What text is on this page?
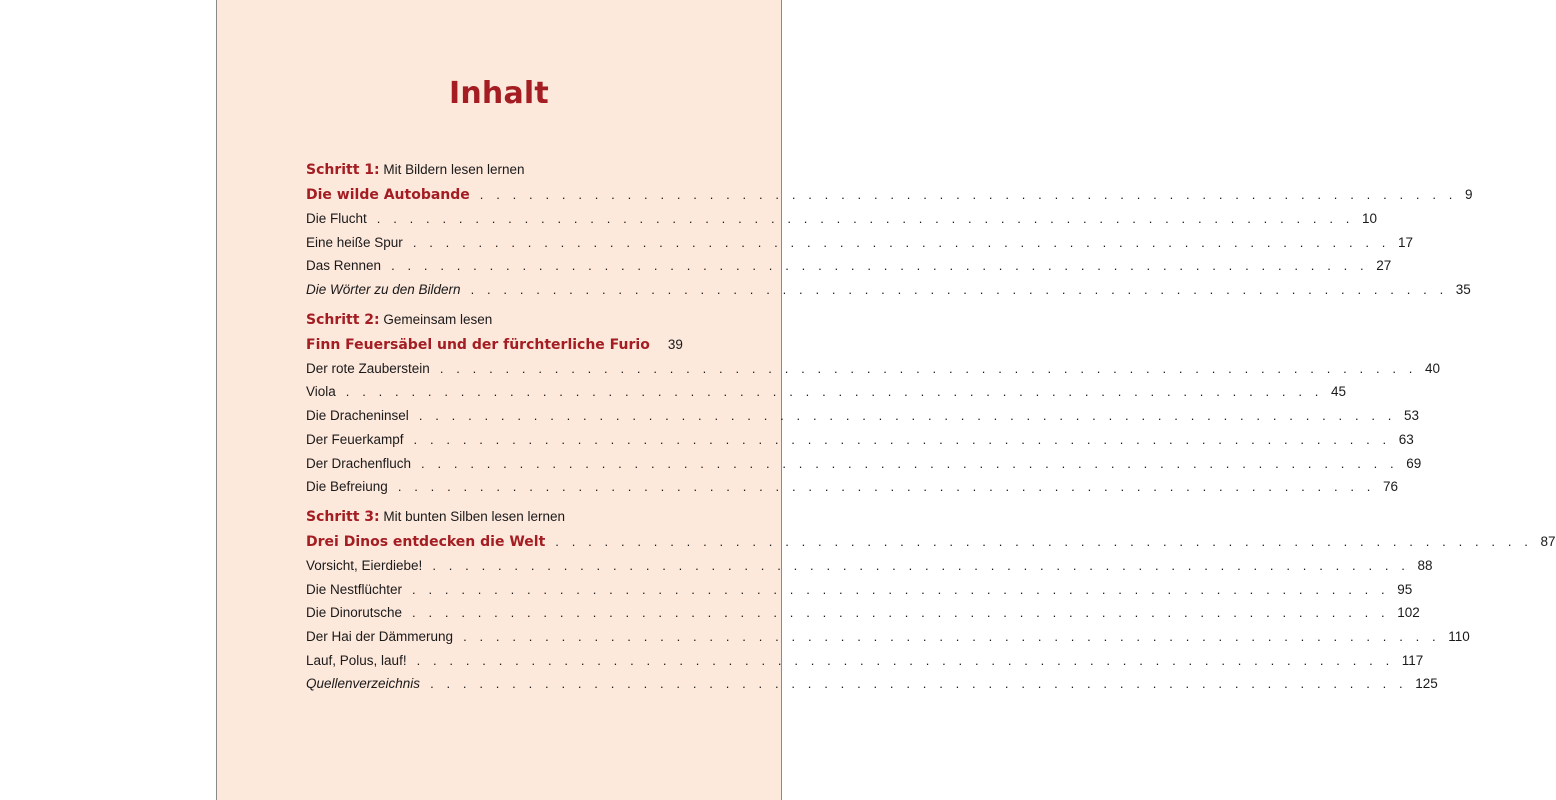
Inhalt
Schritt 1: Mit Bildern lesen lernen
Die wilde Autobande . . . . . . . . . . . . . . . . . . . . . . . . . . . . . . . . . . . . . . . . . . . . . . . . . . . . . . . . . . . . 9
Die Flucht . . . . . . . . . . . . . . . . . . . . . . . . . . . . . . . . . . . . . . . . . . . . . . . . . . . . . . . . . . . . 10
Eine heiße Spur . . . . . . . . . . . . . . . . . . . . . . . . . . . . . . . . . . . . . . . . . . . . . . . . . . . . . . . . . . . . 17
Das Rennen . . . . . . . . . . . . . . . . . . . . . . . . . . . . . . . . . . . . . . . . . . . . . . . . . . . . . . . . . . . . 27
Die Wörter zu den Bildern . . . . . . . . . . . . . . . . . . . . . . . . . . . . . . . . . . . . . . . . . . . . . . . . . . . . . . . . . . . . 35
Schritt 2: Gemeinsam lesen
Finn Feuersäbel und der fürchterliche Furio 39
Der rote Zauberstein . . . . . . . . . . . . . . . . . . . . . . . . . . . . . . . . . . . . . . . . . . . . . . . . . . . . . . . . . . . . 40
Viola . . . . . . . . . . . . . . . . . . . . . . . . . . . . . . . . . . . . . . . . . . . . . . . . . . . . . . . . . . . . 45
Die Dracheninsel . . . . . . . . . . . . . . . . . . . . . . . . . . . . . . . . . . . . . . . . . . . . . . . . . . . . . . . . . . . . 53
Der Feuerkampf . . . . . . . . . . . . . . . . . . . . . . . . . . . . . . . . . . . . . . . . . . . . . . . . . . . . . . . . . . . . 63
Der Drachenfluch . . . . . . . . . . . . . . . . . . . . . . . . . . . . . . . . . . . . . . . . . . . . . . . . . . . . . . . . . . . . 69
Die Befreiung . . . . . . . . . . . . . . . . . . . . . . . . . . . . . . . . . . . . . . . . . . . . . . . . . . . . . . . . . . . . 76
Schritt 3: Mit bunten Silben lesen lernen
Drei Dinos entdecken die Welt . . . . . . . . . . . . . . . . . . . . . . . . . . . . . . . . . . . . . . . . . . . . . . . . . . . . . . . . . . . . 87
Vorsicht, Eierdiebe! . . . . . . . . . . . . . . . . . . . . . . . . . . . . . . . . . . . . . . . . . . . . . . . . . . . . . . . . . . . . 88
Die Nestflüchter . . . . . . . . . . . . . . . . . . . . . . . . . . . . . . . . . . . . . . . . . . . . . . . . . . . . . . . . . . . . 95
Die Dinorutsche . . . . . . . . . . . . . . . . . . . . . . . . . . . . . . . . . . . . . . . . . . . . . . . . . . . . . . . . . . . . 102
Der Hai der Dämmerung . . . . . . . . . . . . . . . . . . . . . . . . . . . . . . . . . . . . . . . . . . . . . . . . . . . . . . . . . . . . 110
Lauf, Polus, lauf! . . . . . . . . . . . . . . . . . . . . . . . . . . . . . . . . . . . . . . . . . . . . . . . . . . . . . . . . . . . . 117
Quellenverzeichnis . . . . . . . . . . . . . . . . . . . . . . . . . . . . . . . . . . . . . . . . . . . . . . . . . . . . . . . . . . . . 125
